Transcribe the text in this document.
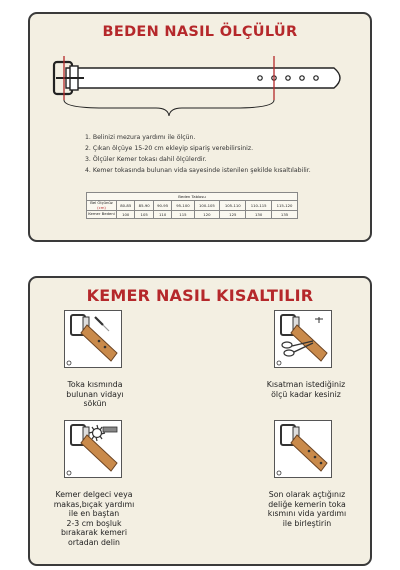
BEDEN NASIL ÖLÇÜLÜR
1. Belinizi mezura yardımı ile ölçün.
2. Çıkan ölçüye 15-20 cm ekleyip sipariş verebilirsiniz.
3. Ölçüler Kemer tokası dahil ölçülerdir.
4. Kemer tokasında bulunan vida sayesinde istenilen şekilde kısaltılabilir.
Beden Tablosu
Bel Ölçünüz
(cm)	80-85	85-90	90-95	95-100	100-105	105-110	110-115	115-120
Kemer Bedeni	100	105	110	115	120	125	130	135
KEMER NASIL KISALTILIR
Toka kısmında
bulunan vidayı
sökün
Kısatman istediğiniz
ölçü kadar kesiniz
Kemer delgeci veya
makas,bıçak yardımı
ile en baştan
2-3 cm boşluk
bırakarak kemeri
ortadan delin
Son olarak açtığınız
deliğe kemerin toka
kısmını vida yardımı
ile birleştirin
